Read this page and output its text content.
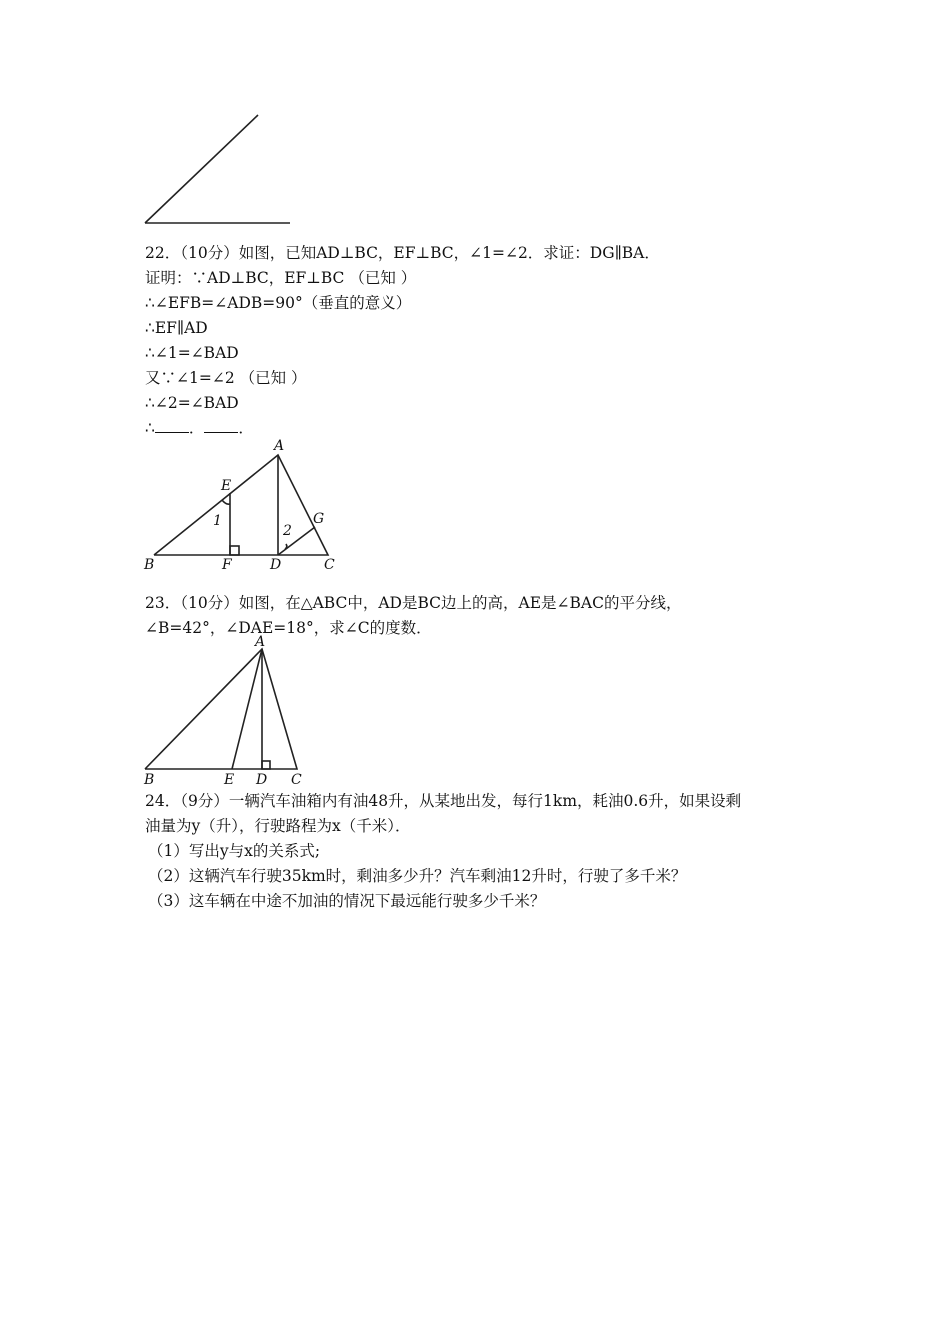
22．（10分）如图，已知AD⊥BC，EF⊥BC，∠1=∠2．求证：DG∥BA．
证明：∵AD⊥BC，EF⊥BC （已知 ）
∴∠EFB=∠ADB=90°（垂直的意义）
∴EF∥AD
∴∠1=∠BAD
又∵∠1=∠2 （已知 ）
∴∠2=∠BAD
∴ ． ．
A
E
1
2
G
B	F	D	C
23．（10分）如图，在△ABC中，AD是BC边上的高，AE是∠BAC的平分线，
∠B=42°，∠DAE=18°，求∠C的度数．
A
B	E D C
24．（9分）一辆汽车油箱内有油48升，从某地出发，每行1km，耗油0.6升，如果设剩
油量为y（升），行驶路程为x（千米）．
（1）写出y与x的关系式;
（2）这辆汽车行驶35km时，剩油多少升？汽车剩油12升时，行驶了多千米？
（3）这车辆在中途不加油的情况下最远能行驶多少千米？
